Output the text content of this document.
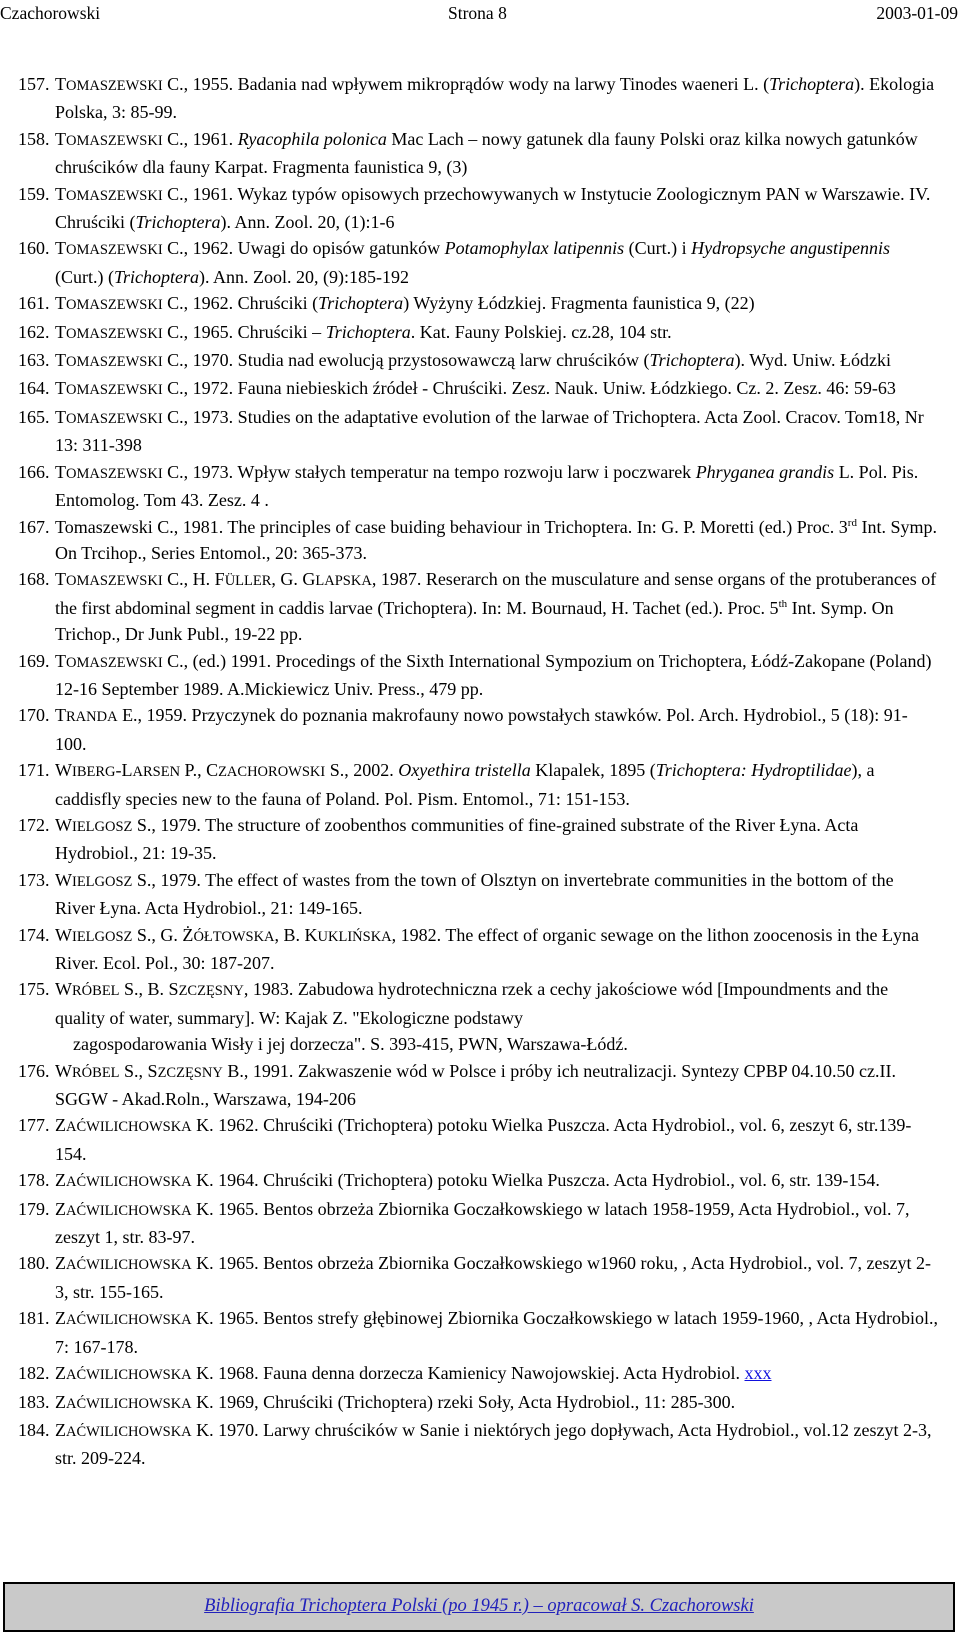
Czachorowski	Strona 8	2003-01-09
157. TOMASZEWSKI C., 1955. Badania nad wpływem mikroprądów wody na larwy Tinodes waeneri L. (Trichoptera). Ekologia Polska, 3: 85-99.
158. TOMASZEWSKI C., 1961. Ryacophila polonica Mac Lach – nowy gatunek dla fauny Polski oraz kilka nowych gatunków chruścików dla fauny Karpat. Fragmenta faunistica 9, (3)
159. TOMASZEWSKI C., 1961. Wykaz typów opisowych przechowywanych w Instytucie Zoologicznym PAN w Warszawie. IV. Chruściki (Trichoptera). Ann. Zool. 20, (1):1-6
160. TOMASZEWSKI C., 1962. Uwagi do opisów gatunków Potamophylax latipennis (Curt.) i Hydropsyche angustipennis (Curt.) (Trichoptera). Ann. Zool. 20, (9):185-192
161. TOMASZEWSKI C., 1962. Chruściki (Trichoptera) Wyżyny Łódzkiej. Fragmenta faunistica 9, (22)
162. TOMASZEWSKI C., 1965. Chruściki – Trichoptera. Kat. Fauny Polskiej. cz.28, 104 str.
163. TOMASZEWSKI C., 1970. Studia nad ewolucją przystosowawczą larw chruścików (Trichoptera). Wyd. Uniw. Łódzki
164. TOMASZEWSKI C., 1972. Fauna niebieskich źródeł - Chruściki. Zesz. Nauk. Uniw. Łódzkiego. Cz. 2. Zesz. 46: 59-63
165. TOMASZEWSKI C., 1973. Studies on the adaptative evolution of the larwae of Trichoptera. Acta Zool. Cracov. Tom18, Nr 13: 311-398
166. TOMASZEWSKI C., 1973. Wpływ stałych temperatur na tempo rozwoju larw i poczwarek Phryganea grandis L. Pol. Pis. Entomolog. Tom 43. Zesz. 4 .
167. Tomaszewski C., 1981. The principles of case buiding behaviour in Trichoptera. In: G. P. Moretti (ed.) Proc. 3rd Int. Symp. On Trcihop., Series Entomol., 20: 365-373.
168. TOMASZEWSKI C., H. FÜLLER, G. GLAPSKA, 1987. Reserarch on the musculature and sense organs of the protuberances of the first abdominal segment in caddis larvae (Trichoptera). In: M. Bournaud, H. Tachet (ed.). Proc. 5th Int. Symp. On Trichop., Dr Junk Publ., 19-22 pp.
169. TOMASZEWSKI C., (ed.) 1991. Procedings of the Sixth International Sympozium on Trichoptera, Łódź-Zakopane (Poland) 12-16 September 1989. A.Mickiewicz Univ. Press., 479 pp.
170. TRANDA E., 1959. Przyczynek do poznania makrofauny nowo powstałych stawków. Pol. Arch. Hydrobiol., 5 (18): 91-100.
171. WIBERG-LARSEN P., CZACHOROWSKI S., 2002. Oxyethira tristella Klapalek, 1895 (Trichoptera: Hydroptilidae), a caddisfly species new to the fauna of Poland. Pol. Pism. Entomol., 71: 151-153.
172. WIELGOSZ S., 1979. The structure of zoobenthos communities of fine-grained substrate of the River Łyna. Acta Hydrobiol., 21: 19-35.
173. WIELGOSZ S., 1979. The effect of wastes from the town of Olsztyn on invertebrate communities in the bottom of the River Łyna. Acta Hydrobiol., 21: 149-165.
174. WIELGOSZ S., G. ŻÓŁTOWSKA, B. KUKLIŃSKA, 1982. The effect of organic sewage on the lithon zoocenosis in the Łyna River. Ecol. Pol., 30: 187-207.
175. WRÓBEL S., B. SZCZĘSNY, 1983. Zabudowa hydrotechniczna rzek a cechy jakościowe wód [Impoundments and the quality of water, summary]. W: Kajak Z. "Ekologiczne podstawy
zagospodarowania Wisły i jej dorzecza". S. 393-415, PWN, Warszawa-Łódź.
176. WRÓBEL S., SZCZĘSNY B., 1991. Zakwaszenie wód w Polsce i próby ich neutralizacji. Syntezy CPBP 04.10.50 cz.II. SGGW - Akad.Roln., Warszawa, 194-206
177. ZAĆWILICHOWSKA K. 1962. Chruściki (Trichoptera) potoku Wielka Puszcza. Acta Hydrobiol., vol. 6, zeszyt 6, str.139-154.
178. ZAĆWILICHOWSKA K. 1964. Chruściki (Trichoptera) potoku Wielka Puszcza. Acta Hydrobiol., vol. 6, str. 139-154.
179. ZAĆWILICHOWSKA K. 1965. Bentos obrzeża Zbiornika Goczałkowskiego w latach 1958-1959, Acta Hydrobiol., vol. 7, zeszyt 1, str. 83-97.
180. ZAĆWILICHOWSKA K. 1965. Bentos obrzeża Zbiornika Goczałkowskiego w1960 roku, , Acta Hydrobiol., vol. 7, zeszyt 2-3, str. 155-165.
181. ZAĆWILICHOWSKA K. 1965. Bentos strefy głębinowej Zbiornika Goczałkowskiego w latach 1959-1960, , Acta Hydrobiol., 7: 167-178.
182. ZAĆWILICHOWSKA K. 1968. Fauna denna dorzecza Kamienicy Nawojowskiej. Acta Hydrobiol. xxx
183. ZAĆWILICHOWSKA K. 1969, Chruściki (Trichoptera) rzeki Soły, Acta Hydrobiol., 11: 285-300.
184. ZAĆWILICHOWSKA K. 1970. Larwy chruścików w Sanie i niektórych jego dopływach, Acta Hydrobiol., vol.12 zeszyt 2-3, str. 209-224.
Bibliografia Trichoptera Polski (po 1945 r.) – opracował S. Czachorowski
